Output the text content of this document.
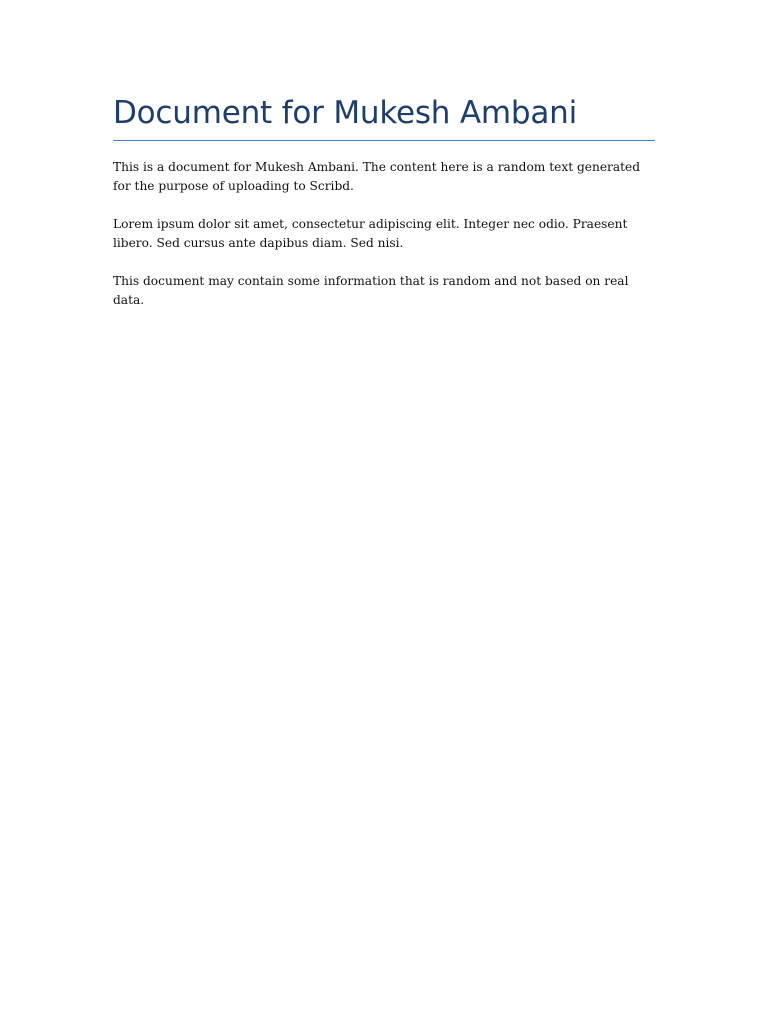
Document for Mukesh Ambani

This is a document for Mukesh Ambani. The content here is a random text generated for the purpose of uploading to Scribd.

Lorem ipsum dolor sit amet, consectetur adipiscing elit. Integer nec odio. Praesent libero. Sed cursus ante dapibus diam. Sed nisi.

This document may contain some information that is random and not based on real data.
